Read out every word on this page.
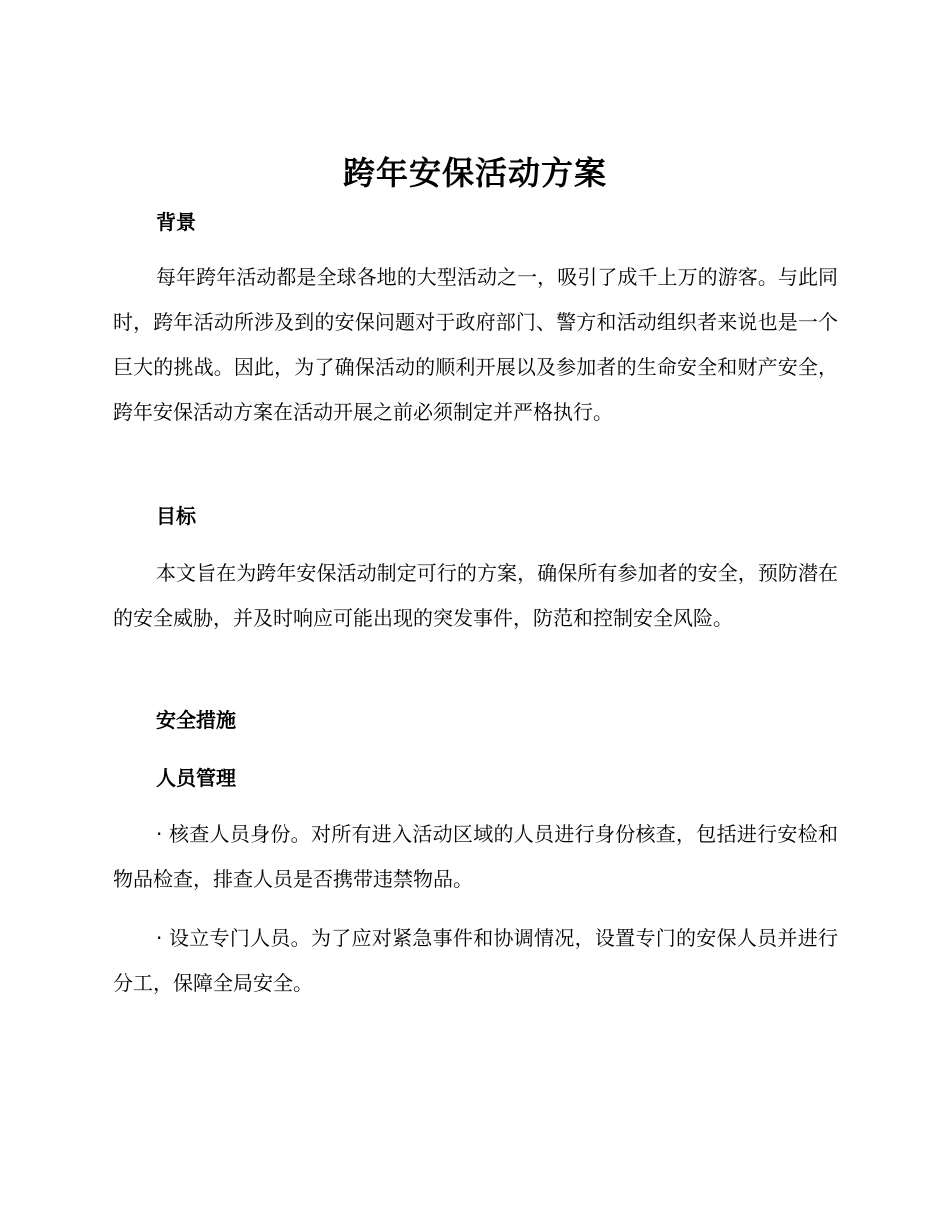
跨年安保活动方案
背景

每年跨年活动都是全球各地的大型活动之一，吸引了成千上万的游客。与此同时，跨年活动所涉及到的安保问题对于政府部门、警方和活动组织者来说也是一个巨大的挑战。因此，为了确保活动的顺利开展以及参加者的生命安全和财产安全，跨年安保活动方案在活动开展之前必须制定并严格执行。

目标

本文旨在为跨年安保活动制定可行的方案，确保所有参加者的安全，预防潜在的安全威胁，并及时响应可能出现的突发事件，防范和控制安全风险。

安全措施
人员管理

· 核查人员身份。对所有进入活动区域的人员进行身份核查，包括进行安检和物品检查，排查人员是否携带违禁物品。

· 设立专门人员。为了应对紧急事件和协调情况，设置专门的安保人员并进行分工，保障全局安全。
